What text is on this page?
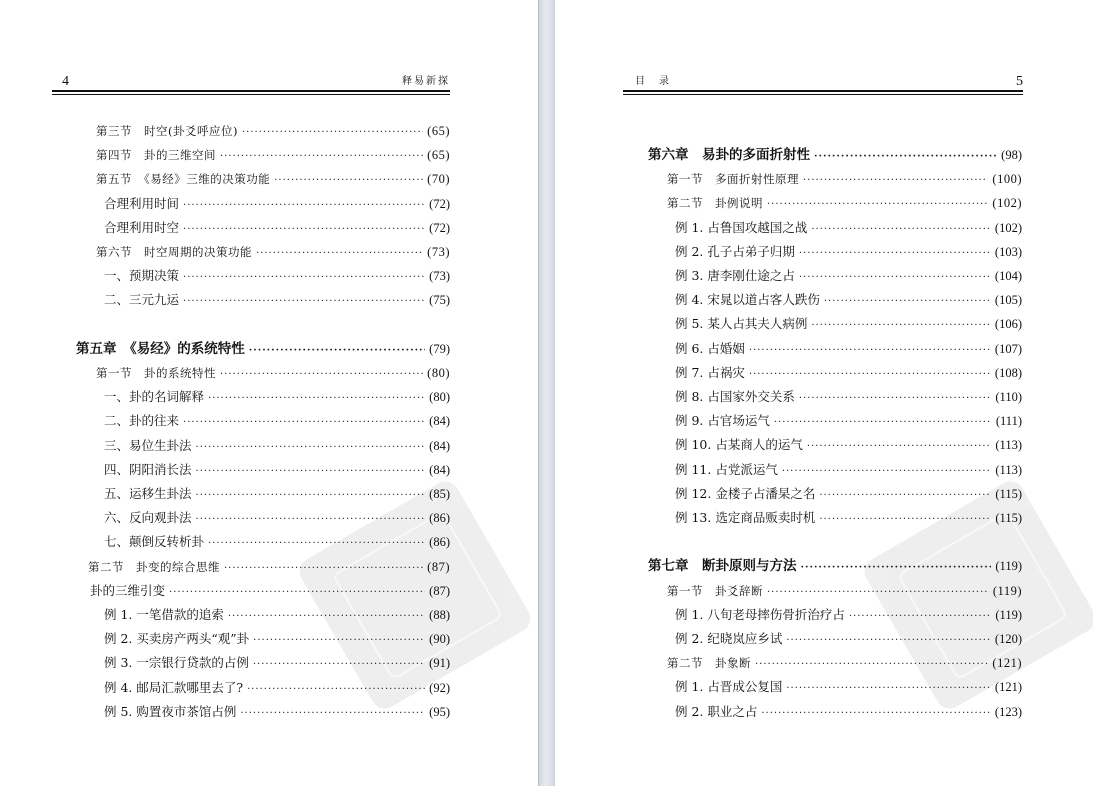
4	释易新探
第三节　时空(卦爻呼应位) ·····	(65)
第四节　卦的三维空间 ·····	(65)
第五节　《易经》三维的决策功能 ·····	(70)
合理利用时间 ·····	(72)
合理利用时空 ·····	(72)
第六节　时空周期的决策功能 ·····	(73)
一、预期决策 ·····	(73)
二、三元九运 ·····	(75)
第五章　《易经》的系统特性 ·····	(79)
第一节　卦的系统特性 ·····	(80)
一、卦的名词解释 ·····	(80)
二、卦的往来 ·····	(84)
三、易位生卦法 ·····	(84)
四、阴阳消长法 ·····	(84)
五、运移生卦法 ·····	(85)
六、反向观卦法 ·····	(86)
七、颠倒反转析卦 ·····	(86)
第二节　卦变的综合思维 ·····	(87)
卦的三维引变 ·····	(87)
例 1. 一笔借款的追索 ·····	(88)
例 2. 买卖房产两头“观”卦 ·····	(90)
例 3. 一宗银行贷款的占例 ·····	(91)
例 4. 邮局汇款哪里去了? ·····	(92)
例 5. 购置夜市茶馆占例 ·····	(95)
目　录	5
第六章　易卦的多面折射性 ·····	(98)
第一节　多面折射性原理 ·····	(100)
第二节　卦例说明 ·····	(102)
例 1. 占鲁国攻越国之战 ·····	(102)
例 2. 孔子占弟子归期 ·····	(103)
例 3. 唐李刚仕途之占 ·····	(104)
例 4. 宋晁以道占客人跌伤 ·····	(105)
例 5. 某人占其夫人病例 ·····	(106)
例 6. 占婚姻 ·····	(107)
例 7. 占祸灾 ·····	(108)
例 8. 占国家外交关系 ·····	(110)
例 9. 占官场运气 ·····	(111)
例 10. 占某商人的运气 ·····	(113)
例 11. 占党派运气 ·····	(113)
例 12. 金楼子占潘杲之名 ·····	(115)
例 13. 选定商品贩卖时机 ·····	(115)
第七章　断卦原则与方法 ·····	(119)
第一节　卦爻辞断 ·····	(119)
例 1. 八旬老母摔伤骨折治疗占 ·····	(119)
例 2. 纪晓岚应乡试 ·····	(120)
第二节　卦象断 ·····	(121)
例 1. 占晋成公复国 ·····	(121)
例 2. 职业之占 ·····	(123)
